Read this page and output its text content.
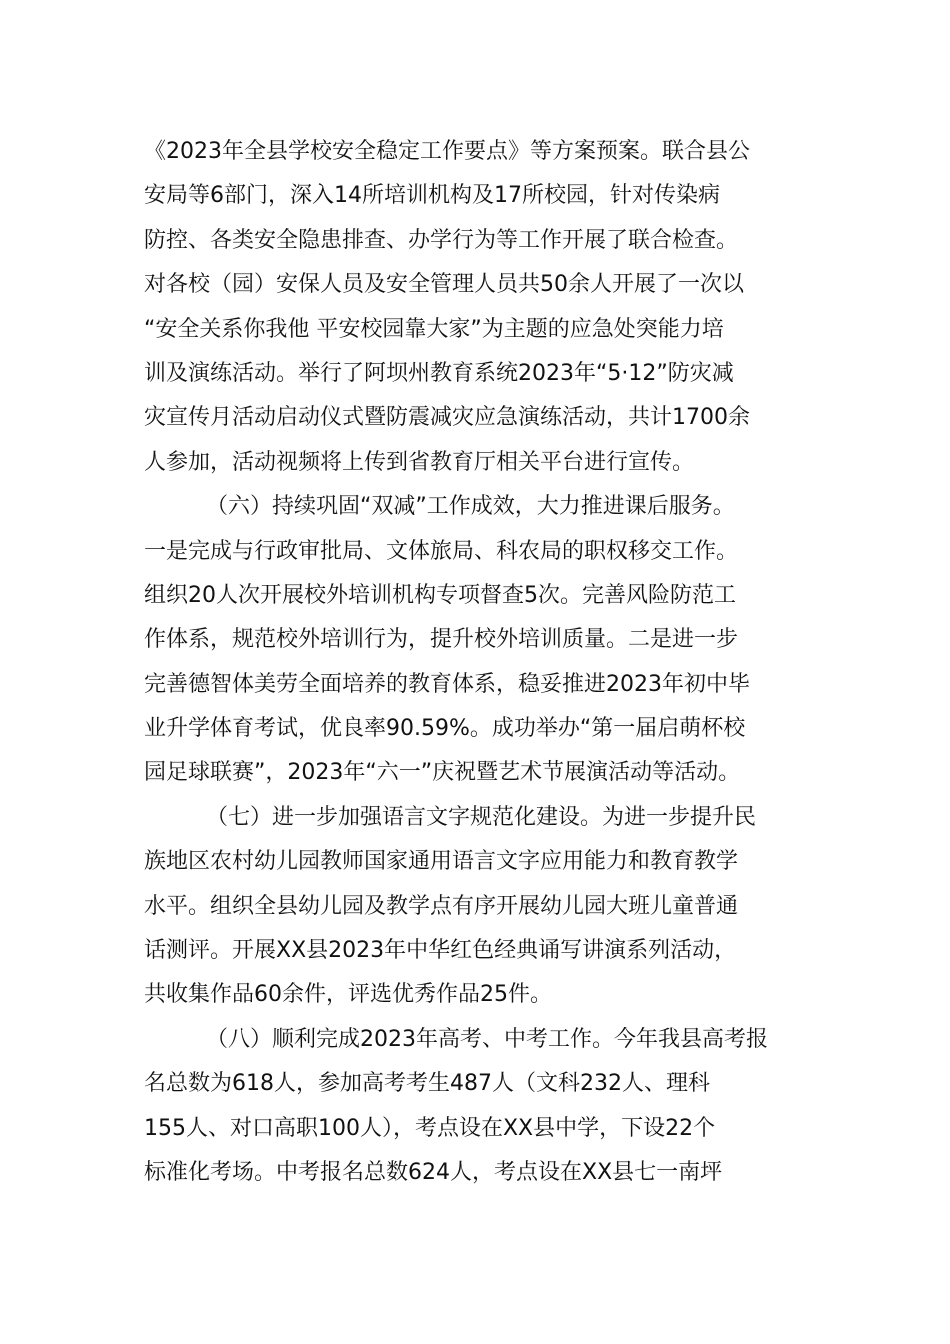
《2023年全县学校安全稳定工作要点》等方案预案。联合县公
安局等6部门，深入14所培训机构及17所校园，针对传染病
防控、各类安全隐患排查、办学行为等工作开展了联合检查。
对各校（园）安保人员及安全管理人员共50余人开展了一次以
“安全关系你我他 平安校园靠大家”为主题的应急处突能力培
训及演练活动。举行了阿坝州教育系统2023年“5·12”防灾减
灾宣传月活动启动仪式暨防震减灾应急演练活动，共计1700余
人参加，活动视频将上传到省教育厅相关平台进行宣传。
（六）持续巩固“双减”工作成效，大力推进课后服务。
一是完成与行政审批局、文体旅局、科农局的职权移交工作。
组织20人次开展校外培训机构专项督查5次。完善风险防范工
作体系，规范校外培训行为，提升校外培训质量。二是进一步
完善德智体美劳全面培养的教育体系，稳妥推进2023年初中毕
业升学体育考试，优良率90.59%。成功举办“第一届启萌杯校
园足球联赛”，2023年“六一”庆祝暨艺术节展演活动等活动。
（七）进一步加强语言文字规范化建设。为进一步提升民
族地区农村幼儿园教师国家通用语言文字应用能力和教育教学
水平。组织全县幼儿园及教学点有序开展幼儿园大班儿童普通
话测评。开展XX县2023年中华红色经典诵写讲演系列活动，
共收集作品60余件，评选优秀作品25件。
（八）顺利完成2023年高考、中考工作。今年我县高考报
名总数为618人，参加高考考生487人（文科232人、理科
155人、对口高职100人），考点设在XX县中学，下设22个
标准化考场。中考报名总数624人，考点设在XX县七一南坪
